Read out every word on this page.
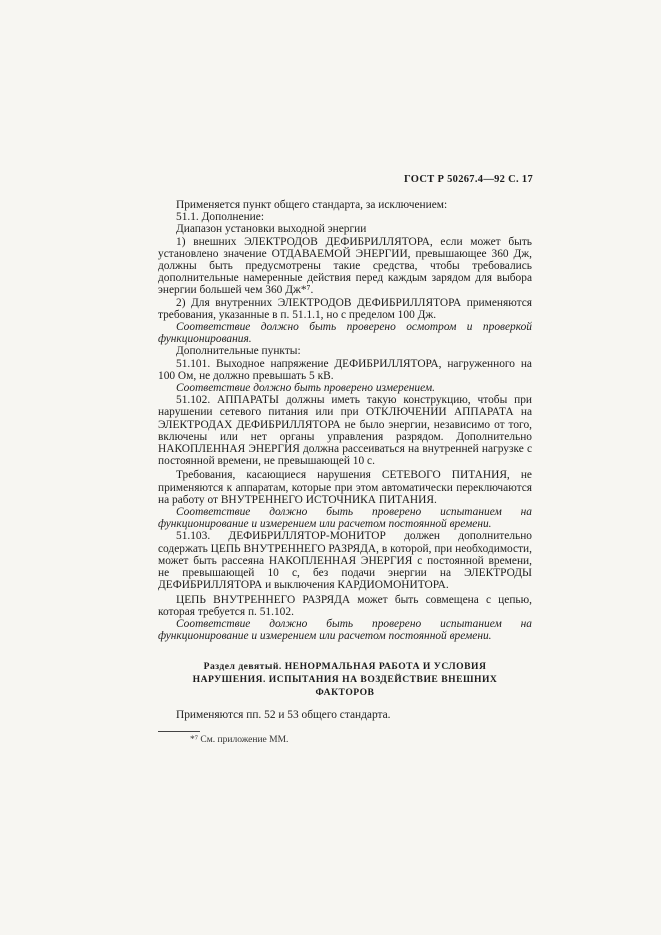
ГОСТ Р 50267.4—92 С. 17

Применяется пункт общего стандарта, за исключением:

51.1. Дополнение:

Диапазон установки выходной энергии

1) внешних ЭЛЕКТРОДОВ ДЕФИБРИЛЛЯТОРА, если может быть установлено значение ОТДАВАЕМОЙ ЭНЕРГИИ, превышающее 360 Дж, должны быть предусмотрены такие средства, чтобы требовались дополнительные намеренные действия перед каждым зарядом для выбора энергии большей чем 360 Дж*⁷.

2) Для внутренних ЭЛЕКТРОДОВ ДЕФИБРИЛЛЯТОРА применяются требования, указанные в п. 51.1.1, но с пределом 100 Дж.

Соответствие должно быть проверено осмотром и проверкой функционирования.

Дополнительные пункты:

51.101. Выходное напряжение ДЕФИБРИЛЛЯТОРА, нагруженного на 100 Ом, не должно превышать 5 кВ.

Соответствие должно быть проверено измерением.

51.102. АППАРАТЫ должны иметь такую конструкцию, чтобы при нарушении сетевого питания или при ОТКЛЮЧЕНИИ АППАРАТА на ЭЛЕКТРОДАХ ДЕФИБРИЛЛЯТОРА не было энергии, независимо от того, включены или нет органы управления разрядом. Дополнительно НАКОПЛЕННАЯ ЭНЕРГИЯ должна рассеиваться на внутренней нагрузке с постоянной времени, не превышающей 10 с.

Требования, касающиеся нарушения СЕТЕВОГО ПИТАНИЯ, не применяются к аппаратам, которые при этом автоматически переключаются на работу от ВНУТРЕННЕГО ИСТОЧНИКА ПИТАНИЯ.

Соответствие должно быть проверено испытанием на функционирование и измерением или расчетом постоянной времени.

51.103. ДЕФИБРИЛЛЯТОР-МОНИТОР должен дополнительно содержать ЦЕПЬ ВНУТРЕННЕГО РАЗРЯДА, в которой, при необходимости, может быть рассеяна НАКОПЛЕННАЯ ЭНЕРГИЯ с постоянной времени, не превышающей 10 с, без подачи энергии на ЭЛЕКТРОДЫ ДЕФИБРИЛЛЯТОРА и выключения КАРДИОМОНИТОРА.

ЦЕПЬ ВНУТРЕННЕГО РАЗРЯДА может быть совмещена с цепью, которая требуется п. 51.102.

Соответствие должно быть проверено испытанием на функционирование и измерением или расчетом постоянной времени.

Раздел девятый. НЕНОРМАЛЬНАЯ РАБОТА И УСЛОВИЯ
НАРУШЕНИЯ. ИСПЫТАНИЯ НА ВОЗДЕЙСТВИЕ ВНЕШНИХ
ФАКТОРОВ

Применяются пп. 52 и 53 общего стандарта.

*⁷ См. приложение ММ.
